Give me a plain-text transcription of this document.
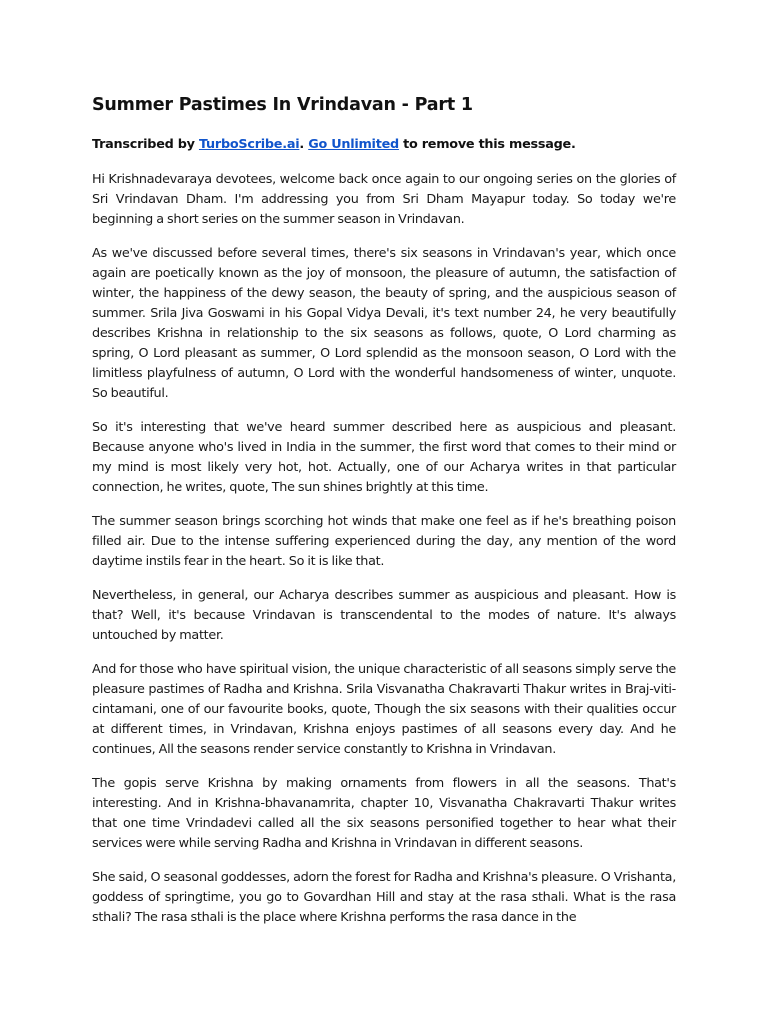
Summer Pastimes In Vrindavan - Part 1

Transcribed by TurboScribe.ai. Go Unlimited to remove this message.

Hi Krishnadevaraya devotees, welcome back once again to our ongoing series on the glories of Sri Vrindavan Dham. I'm addressing you from Sri Dham Mayapur today. So today we're beginning a short series on the summer season in Vrindavan.

As we've discussed before several times, there's six seasons in Vrindavan's year, which once again are poetically known as the joy of monsoon, the pleasure of autumn, the satisfaction of winter, the happiness of the dewy season, the beauty of spring, and the auspicious season of summer. Srila Jiva Goswami in his Gopal Vidya Devali, it's text number 24, he very beautifully describes Krishna in relationship to the six seasons as follows, quote, O Lord charming as spring, O Lord pleasant as summer, O Lord splendid as the monsoon season, O Lord with the limitless playfulness of autumn, O Lord with the wonderful handsomeness of winter, unquote. So beautiful.

So it's interesting that we've heard summer described here as auspicious and pleasant. Because anyone who's lived in India in the summer, the first word that comes to their mind or my mind is most likely very hot, hot. Actually, one of our Acharya writes in that particular connection, he writes, quote, The sun shines brightly at this time.

The summer season brings scorching hot winds that make one feel as if he's breathing poison filled air. Due to the intense suffering experienced during the day, any mention of the word daytime instils fear in the heart. So it is like that.

Nevertheless, in general, our Acharya describes summer as auspicious and pleasant. How is that? Well, it's because Vrindavan is transcendental to the modes of nature. It's always untouched by matter.

And for those who have spiritual vision, the unique characteristic of all seasons simply serve the pleasure pastimes of Radha and Krishna. Srila Visvanatha Chakravarti Thakur writes in Braj-viti-cintamani, one of our favourite books, quote, Though the six seasons with their qualities occur at different times, in Vrindavan, Krishna enjoys pastimes of all seasons every day. And he continues, All the seasons render service constantly to Krishna in Vrindavan.

The gopis serve Krishna by making ornaments from flowers in all the seasons. That's interesting. And in Krishna-bhavanamrita, chapter 10, Visvanatha Chakravarti Thakur writes that one time Vrindadevi called all the six seasons personified together to hear what their services were while serving Radha and Krishna in Vrindavan in different seasons.

She said, O seasonal goddesses, adorn the forest for Radha and Krishna's pleasure. O Vrishanta, goddess of springtime, you go to Govardhan Hill and stay at the rasa sthali. What is the rasa sthali? The rasa sthali is the place where Krishna performs the rasa dance in the
